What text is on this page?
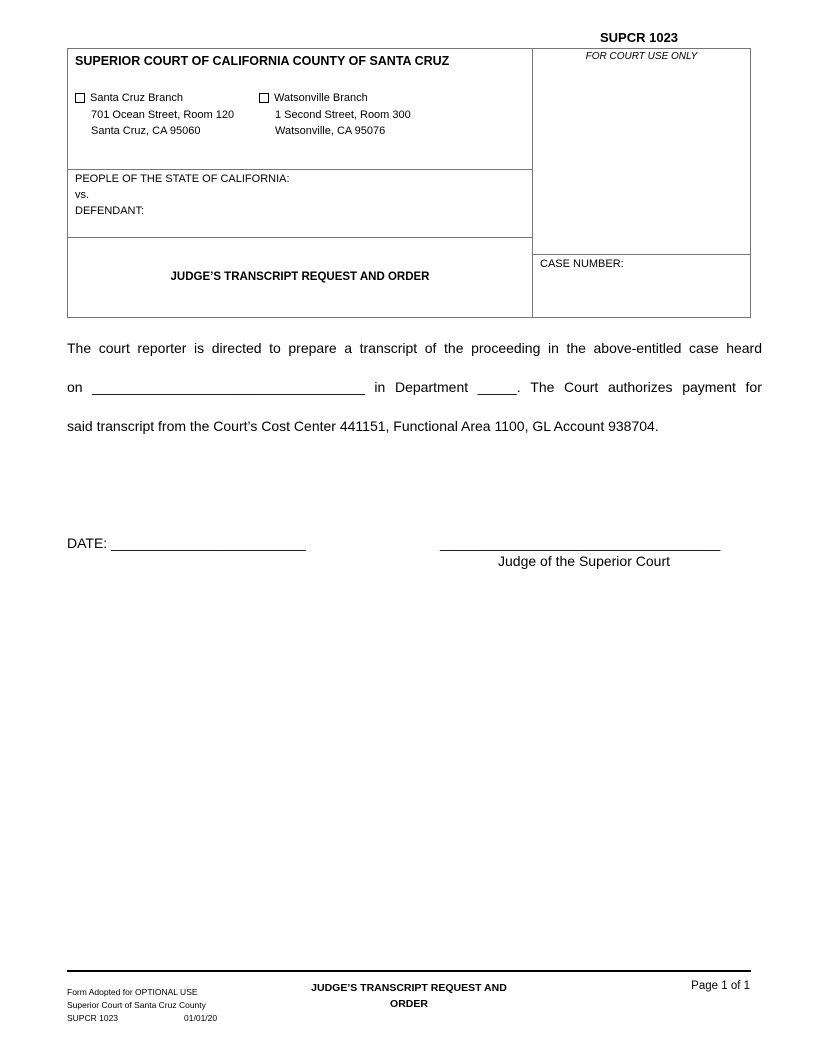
SUPCR 1023
SUPERIOR COURT OF CALIFORNIA COUNTY OF SANTA CRUZ
Santa Cruz Branch
701 Ocean Street, Room 120
Santa Cruz, CA 95060
Watsonville Branch
1 Second Street, Room 300
Watsonville, CA 95076
PEOPLE OF THE STATE OF CALIFORNIA:
vs.
DEFENDANT:
JUDGE’S TRANSCRIPT REQUEST AND ORDER
FOR COURT USE ONLY
CASE NUMBER:
The court reporter is directed to prepare a transcript of the proceeding in the above-entitled case heard
on ___________________________________ in Department _____. The Court authorizes payment for
said transcript from the Court’s Cost Center 441151, Functional Area 1100, GL Account 938704.
DATE: _________________________	____________________________________
Judge of the Superior Court
Form Adopted for OPTIONAL USE
Superior Court of Santa Cruz County
SUPCR 1023	01/01/20
JUDGE’S TRANSCRIPT REQUEST AND
ORDER
Page 1 of 1
